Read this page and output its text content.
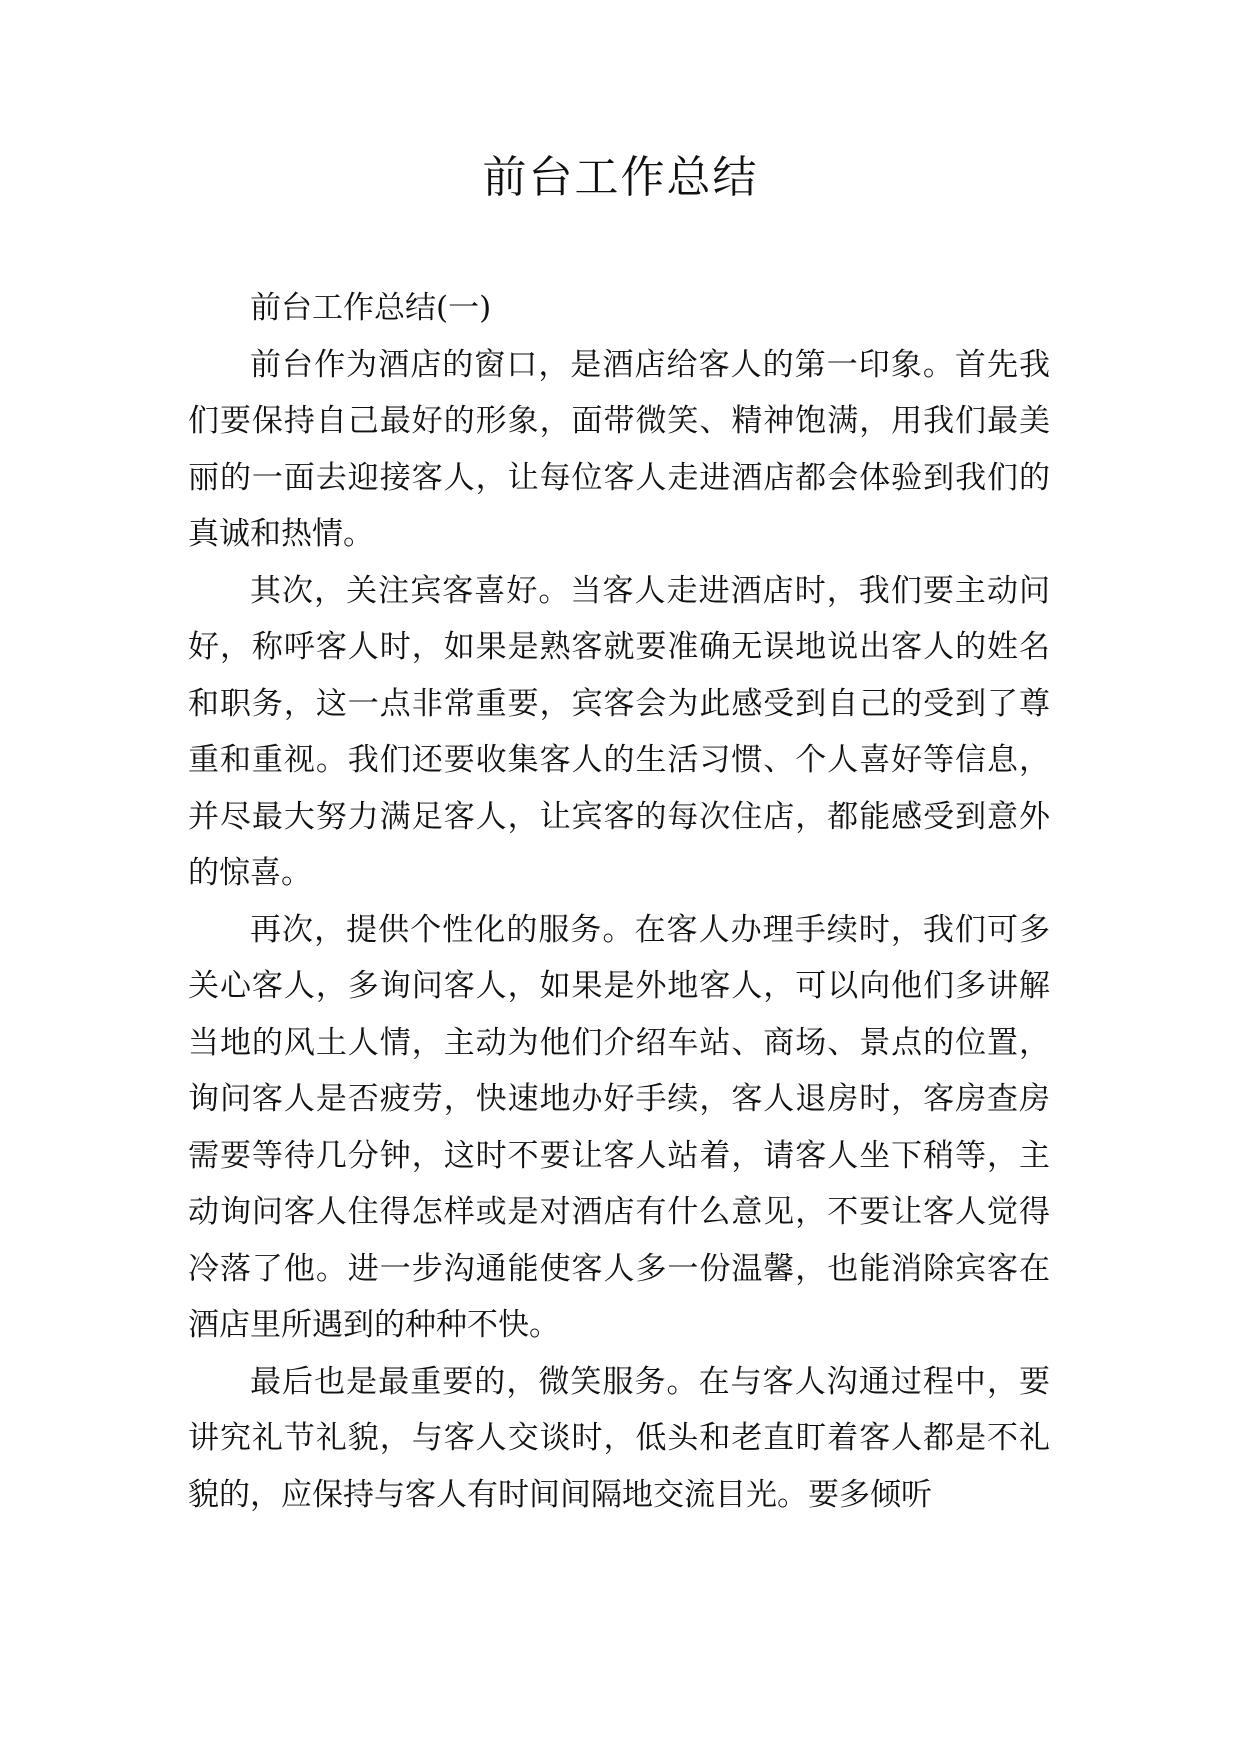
前台工作总结

前台工作总结(一)

前台作为酒店的窗口，是酒店给客人的第一印象。首先我们要保持自己最好的形象，面带微笑、精神饱满，用我们最美丽的一面去迎接客人，让每位客人走进酒店都会体验到我们的真诚和热情。

其次，关注宾客喜好。当客人走进酒店时，我们要主动问好，称呼客人时，如果是熟客就要准确无误地说出客人的姓名和职务，这一点非常重要，宾客会为此感受到自己的受到了尊重和重视。我们还要收集客人的生活习惯、个人喜好等信息，并尽最大努力满足客人，让宾客的每次住店，都能感受到意外的惊喜。

再次，提供个性化的服务。在客人办理手续时，我们可多关心客人，多询问客人，如果是外地客人，可以向他们多讲解当地的风土人情，主动为他们介绍车站、商场、景点的位置，询问客人是否疲劳，快速地办好手续，客人退房时，客房查房需要等待几分钟，这时不要让客人站着，请客人坐下稍等，主动询问客人住得怎样或是对酒店有什么意见，不要让客人觉得冷落了他。进一步沟通能使客人多一份温馨，也能消除宾客在酒店里所遇到的种种不快。

最后也是最重要的，微笑服务。在与客人沟通过程中，要讲究礼节礼貌，与客人交谈时，低头和老直盯着客人都是不礼貌的，应保持与客人有时间间隔地交流目光。要多倾听
